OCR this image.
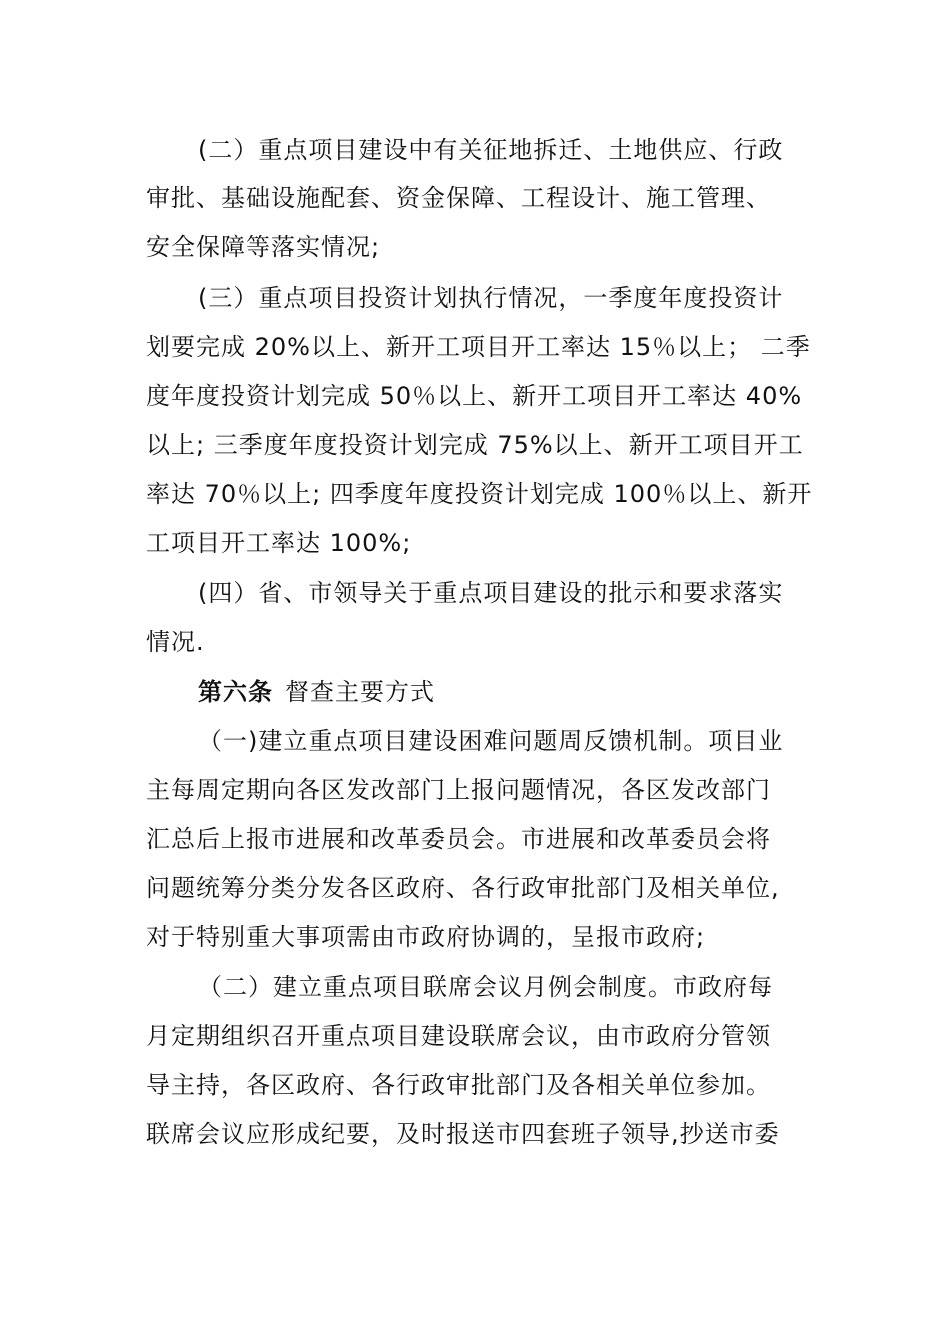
(二）重点项目建设中有关征地拆迁、土地供应、行政
审批、基础设施配套、资金保障、工程设计、施工管理、
安全保障等落实情况;
(三）重点项目投资计划执行情况，一季度年度投资计
划要完成 20%以上、新开工项目开工率达 15％以上； 二季
度年度投资计划完成 50％以上、新开工项目开工率达 40%
以上; 三季度年度投资计划完成 75%以上、新开工项目开工
率达 70％以上; 四季度年度投资计划完成 100％以上、新开
工项目开工率达 100%;
(四）省、市领导关于重点项目建设的批示和要求落实
情况.
第六条 督查主要方式
（一)建立重点项目建设困难问题周反馈机制。项目业
主每周定期向各区发改部门上报问题情况，各区发改部门
汇总后上报市进展和改革委员会。市进展和改革委员会将
问题统筹分类分发各区政府、各行政审批部门及相关单位,
对于特别重大事项需由市政府协调的，呈报市政府;
（二）建立重点项目联席会议月例会制度。市政府每
月定期组织召开重点项目建设联席会议，由市政府分管领
导主持，各区政府、各行政审批部门及各相关单位参加。
联席会议应形成纪要，及时报送市四套班子领导,抄送市委
